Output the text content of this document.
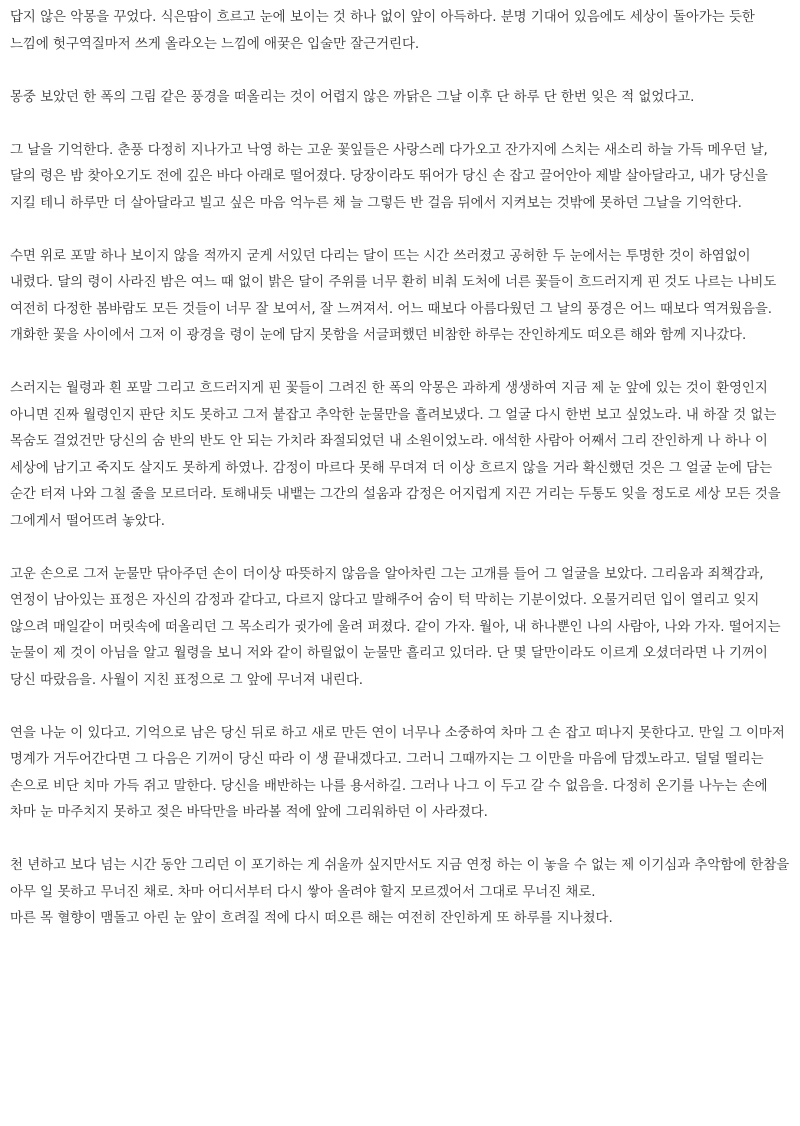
답지 않은 악몽을 꾸었다. 식은땀이 흐르고 눈에 보이는 것 하나 없이 앞이 아득하다. 분명 기대어 있음에도 세상이 돌아가는 듯한 느낌에 헛구역질마저 쓰게 올라오는 느낌에 애꿎은 입술만 잘근거린다.

몽중 보았던 한 폭의 그림 같은 풍경을 떠올리는 것이 어렵지 않은 까닭은 그날 이후 단 하루 단 한번 잊은 적 없었다고.

그 날을 기억한다. 춘풍 다정히 지나가고 낙영 하는 고운 꽃잎들은 사랑스레 다가오고 잔가지에 스치는 새소리 하늘 가득 메우던 날, 달의 령은 밤 찾아오기도 전에 깊은 바다 아래로 떨어졌다. 당장이라도 뛰어가 당신 손 잡고 끌어안아 제발 살아달라고, 내가 당신을 지킬 테니 하루만 더 살아달라고 빌고 싶은 마음 억누른 채 늘 그렇든 반 걸음 뒤에서 지켜보는 것밖에 못하던 그날을 기억한다.

수면 위로 포말 하나 보이지 않을 적까지 굳게 서있던 다리는 달이 뜨는 시간 쓰러졌고 공허한 두 눈에서는 투명한 것이 하염없이 내렸다. 달의 령이 사라진 밤은 여느 때 없이 밝은 달이 주위를 너무 환히 비춰 도처에 너른 꽃들이 흐드러지게 핀 것도 나르는 나비도 여전히 다정한 봄바람도 모든 것들이 너무 잘 보여서, 잘 느껴져서. 어느 때보다 아름다웠던 그 날의 풍경은 어느 때보다 역겨웠음을. 개화한 꽃을 사이에서 그저 이 광경을 령이 눈에 담지 못함을 서글퍼했던 비참한 하루는 잔인하게도 떠오른 해와 함께 지나갔다.

스러지는 월령과 흰 포말 그리고 흐드러지게 핀 꽃들이 그려진 한 폭의 악몽은 과하게 생생하여 지금 제 눈 앞에 있는 것이 환영인지 아니면 진짜 월령인지 판단 치도 못하고 그저 붙잡고 추악한 눈물만을 흘려보냈다. 그 얼굴 다시 한번 보고 싶었노라. 내 하잘 것 없는 목숨도 걸었건만 당신의 숨 반의 반도 안 되는 가치라 좌절되었던 내 소원이었노라. 애석한 사람아 어째서 그리 잔인하게 나 하나 이 세상에 남기고 죽지도 살지도 못하게 하였나. 감정이 마르다 못해 무뎌져 더 이상 흐르지 않을 거라 확신했던 것은 그 얼굴 눈에 담는 순간 터져 나와 그칠 줄을 모르더라. 토해내듯 내뱉는 그간의 설움과 감정은 어지럽게 지끈 거리는 두통도 잊을 정도로 세상 모든 것을 그에게서 떨어뜨려 놓았다.

고운 손으로 그저 눈물만 닦아주던 손이 더이상 따뜻하지 않음을 알아차린 그는 고개를 들어 그 얼굴을 보았다. 그리움과 죄책감과, 연정이 남아있는 표정은 자신의 감정과 같다고, 다르지 않다고 말해주어 숨이 턱 막히는 기분이었다. 오물거리던 입이 열리고 잊지 않으려 매일같이 머릿속에 떠올리던 그 목소리가 귓가에 울려 퍼졌다. 같이 가자. 월아, 내 하나뿐인 나의 사람아, 나와 가자. 떨어지는 눈물이 제 것이 아님을 알고 월령을 보니 저와 같이 하릴없이 눈물만 흘리고 있더라. 단 몇 달만이라도 이르게 오셨더라면 나 기꺼이 당신 따랐음을. 사월이 지친 표정으로 그 앞에 무너져 내린다.

연을 나눈 이 있다고. 기억으로 남은 당신 뒤로 하고 새로 만든 연이 너무나 소중하여 차마 그 손 잡고 떠나지 못한다고. 만일 그 이마저 명계가 거두어간다면 그 다음은 기꺼이 당신 따라 이 생 끝내겠다고. 그러니 그때까지는 그 이만을 마음에 담겠노라고. 덜덜 떨리는 손으로 비단 치마 가득 쥐고 말한다. 당신을 배반하는 나를 용서하길. 그러나 나그 이 두고 갈 수 없음을. 다정히 온기를 나누는 손에 차마 눈 마주치지 못하고 젖은 바닥만을 바라볼 적에 앞에 그리워하던 이 사라졌다.

천 년하고 보다 넘는 시간 동안 그리던 이 포기하는 게 쉬울까 싶지만서도 지금 연정 하는 이 놓을 수 없는 제 이기심과 추악함에 한참을 아무 일 못하고 무너진 채로. 차마 어디서부터 다시 쌓아 올려야 할지 모르겠어서 그대로 무너진 채로.

마른 목 혈향이 맴돌고 아린 눈 앞이 흐려질 적에 다시 떠오른 해는 여전히 잔인하게 또 하루를 지나쳤다.
